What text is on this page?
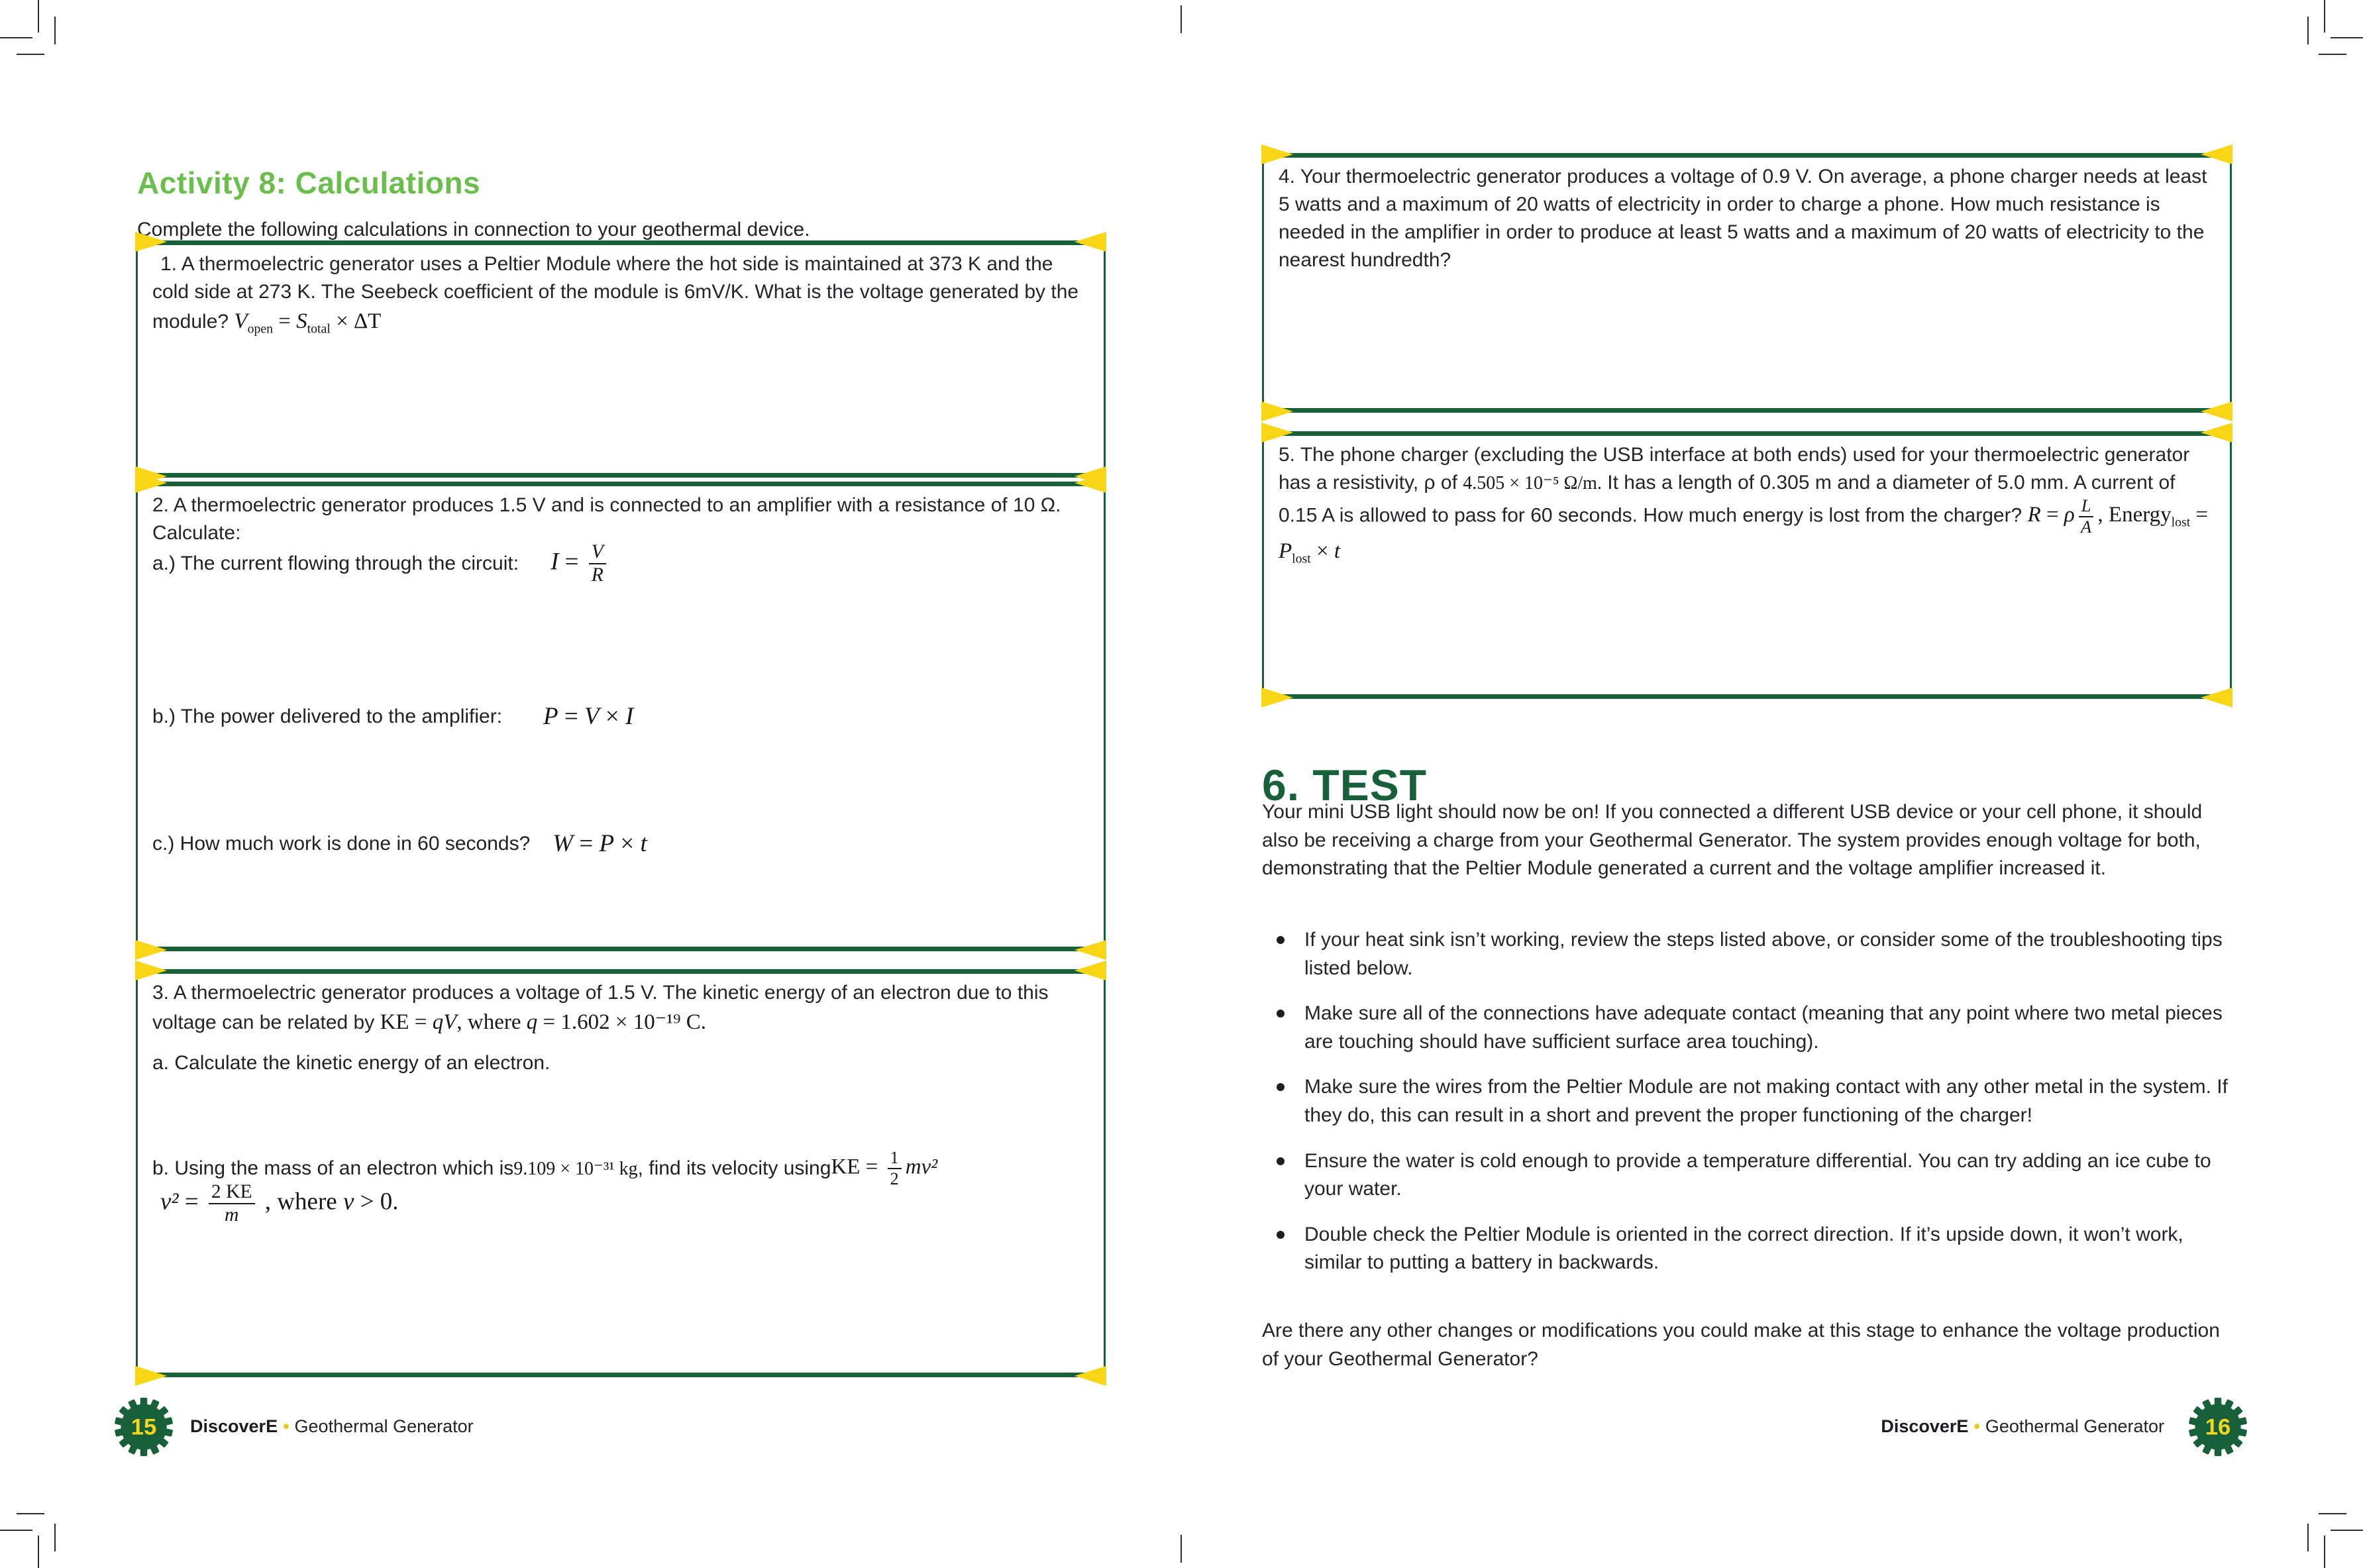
Activity 8: Calculations

Complete the following calculations in connection to your geothermal device.

1. A thermoelectric generator uses a Peltier Module where the hot side is maintained at 373 K and the cold side at 273 K. The Seebeck coefficient of the module is 6mV/K. What is the voltage generated by the module? $V_{open} = S_{total} \times \Delta T$

2. A thermoelectric generator produces 1.5 V and is connected to an amplifier with a resistance of 10 Ω. Calculate:

a.) The current flowing through the circuit: $I = \frac{V}{R}$
b.) The power delivered to the amplifier: P = V × I
c.) How much work is done in 60 seconds? W = P × t

3. A thermoelectric generator produces a voltage of 1.5 V. The kinetic energy of an electron due to this voltage can be related by KE = qV, where q = 1.602 × 10⁻¹⁹ C.

a. Calculate the kinetic energy of an electron.
b. Using the mass of an electron which is 9.109 × 10⁻³¹ kg , find its velocity using KE = $\frac{1}{2} mv^2$
$v^2 = \frac{2 KE}{m}$ , where v > 0.
15 DiscoverE • Geothermal Generator

4. Your thermoelectric generator produces a voltage of 0.9 V. On average, a phone charger needs at least 5 watts and a maximum of 20 watts of electricity in order to charge a phone. How much resistance is needed in the amplifier in order to produce at least 5 watts and a maximum of 20 watts of electricity to the nearest hundredth?

5. The phone charger (excluding the USB interface at both ends) used for your thermoelectric generator has a resistivity, ρ of 4.505 × 10⁻⁵ Ω/m. It has a length of 0.305 m and a diameter of 5.0 mm. A current of 0.15 A is allowed to pass for 60 seconds. How much energy is lost from the charger? R = ρ $\frac{L}{A}$ , Energy$_{lost}$ = $P_{lost} \times t$

6. TEST

Your mini USB light should now be on! If you connected a different USB device or your cell phone, it should also be receiving a charge from your Geothermal Generator. The system provides enough voltage for both, demonstrating that the Peltier Module generated a current and the voltage amplifier increased it.

If your heat sink isn’t working, review the steps listed above, or consider some of the troubleshooting tips listed below.
Make sure all of the connections have adequate contact (meaning that any point where two metal pieces are touching should have sufficient surface area touching).
Make sure the wires from the Peltier Module are not making contact with any other metal in the system. If they do, this can result in a short and prevent the proper functioning of the charger!
Ensure the water is cold enough to provide a temperature differential. You can try adding an ice cube to your water.
Double check the Peltier Module is oriented in the correct direction. If it’s upside down, it won’t work, similar to putting a battery in backwards.

Are there any other changes or modifications you could make at this stage to enhance the voltage production of your Geothermal Generator?

DiscoverE • Geothermal Generator 16
